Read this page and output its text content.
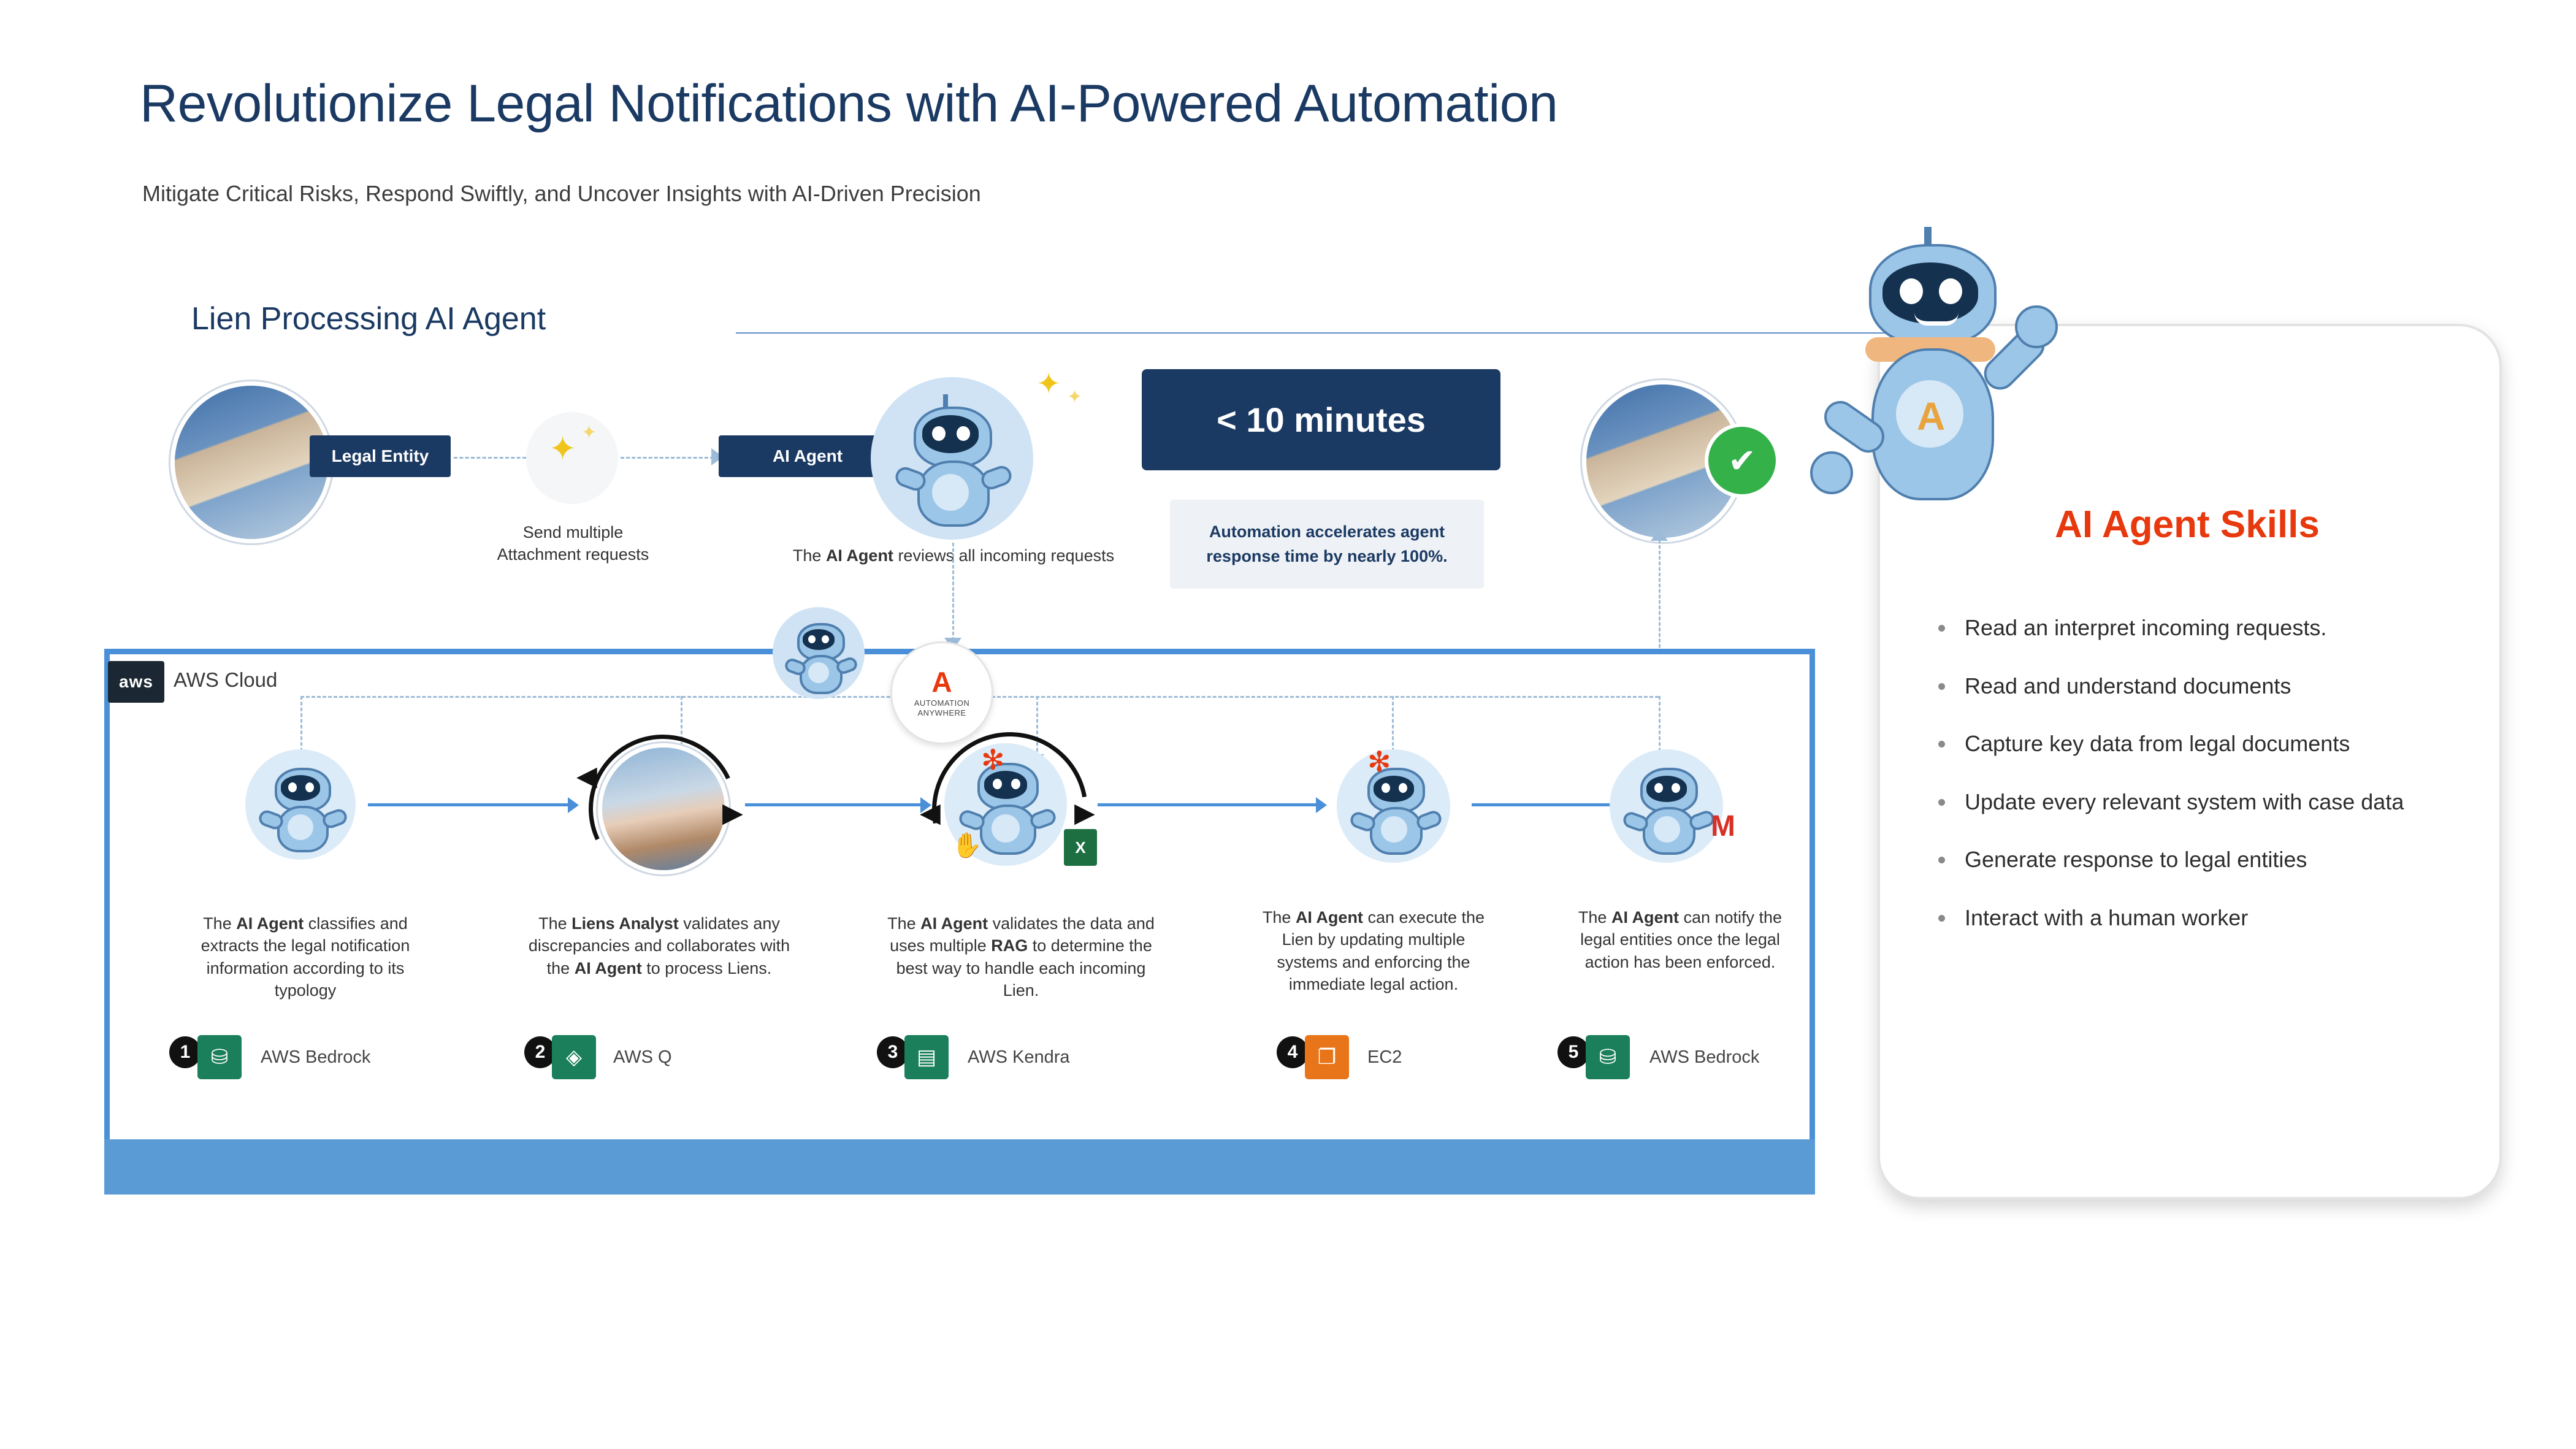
Revolutionize Legal Notifications with AI-Powered Automation
Mitigate Critical Risks, Respond Swiftly, and Uncover Insights with AI-Driven Precision
Lien Processing AI Agent
Legal Entity	✦ ✦
Send multiple
Attachment requests
AI Agent
✦ ✦
The AI Agent reviews all incoming requests
< 10 minutes
Automation accelerates agent response time by nearly 100%.
✔
aws AWS Cloud	A
AUTOMATION
ANYWHERE
The AI Agent classifies and extracts the legal notification information according to its typology
1 ⛁ AWS Bedrock
◀
▶
The Liens Analyst validates any discrepancies and collaborates with the AI Agent to process Liens.
2 ◈ AWS Q
◀	▶
✻
✋	X
The AI Agent validates the data and uses multiple RAG to determine the best way to handle each incoming Lien.
3 ▤ AWS Kendra
✻
The AI Agent can execute the Lien by updating multiple systems and enforcing the immediate legal action.
4 ❐ EC2
M
The AI Agent can notify the legal entities once the legal action has been enforced.
5 ⛁ AWS Bedrock
AI Agent Skills
• Read an interpret incoming requests.
• Read and understand documents
• Capture key data from legal documents
• Update every relevant system with case data
• Generate response to legal entities
• Interact with a human worker
A
